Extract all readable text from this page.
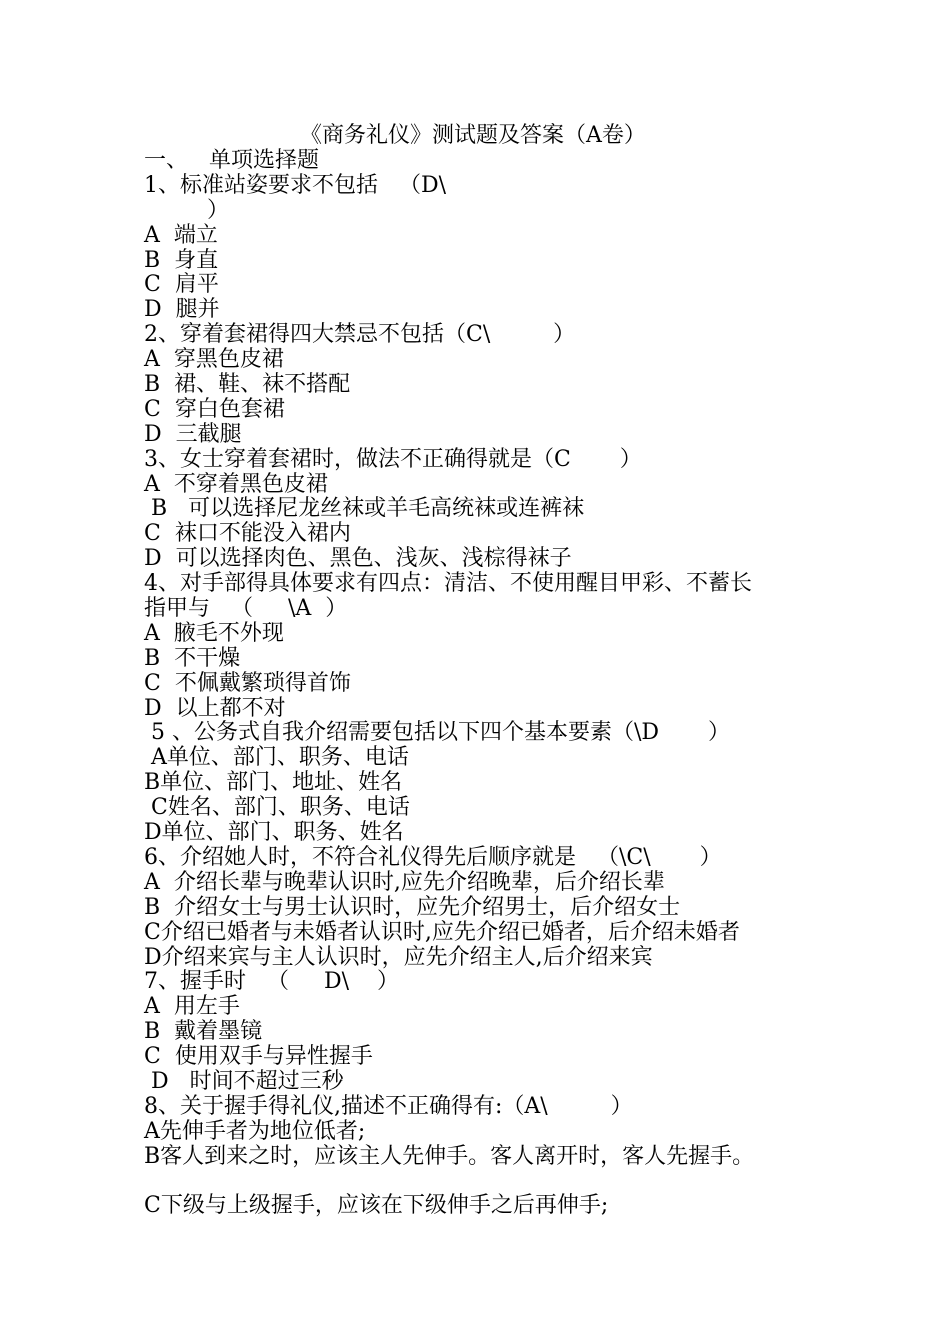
《商务礼仪》测试题及答案（A卷）
一、   单项选择题
1、标准站姿要求不包括   （D\
）
A  端立
B  身直
C  肩平
D  腿并
2、穿着套裙得四大禁忌不包括（C\         ）
A  穿黑色皮裙
B  裙、鞋、袜不搭配
C  穿白色套裙
D  三截腿
3、女士穿着套裙时，做法不正确得就是（C       ）
A  不穿着黑色皮裙
B   可以选择尼龙丝袜或羊毛高统袜或连裤袜
C  袜口不能没入裙内
D  可以选择肉色、黑色、浅灰、浅棕得袜子
4、对手部得具体要求有四点：清洁、不使用醒目甲彩、不蓄长
指甲与   （     \A  ）
A  腋毛不外现
B  不干燥
C  不佩戴繁琐得首饰
D  以上都不对
5 、公务式自我介绍需要包括以下四个基本要素（\D       ）
A单位、部门、职务、电话
B单位、部门、地址、姓名
C姓名、部门、职务、电话
D单位、部门、职务、姓名
6、介绍她人时，不符合礼仪得先后顺序就是   （\C\       ）
A  介绍长辈与晚辈认识时,应先介绍晚辈，后介绍长辈
B  介绍女士与男士认识时，应先介绍男士，后介绍女士
C介绍已婚者与未婚者认识时,应先介绍已婚者，后介绍未婚者
D介绍来宾与主人认识时，应先介绍主人,后介绍来宾
7、握手时   （     D\    ）
A  用左手
B  戴着墨镜
C  使用双手与异性握手
D   时间不超过三秒
8、关于握手得礼仪,描述不正确得有:（A\         ）
A先伸手者为地位低者;
B客人到来之时，应该主人先伸手。客人离开时，客人先握手。
C下级与上级握手，应该在下级伸手之后再伸手;
